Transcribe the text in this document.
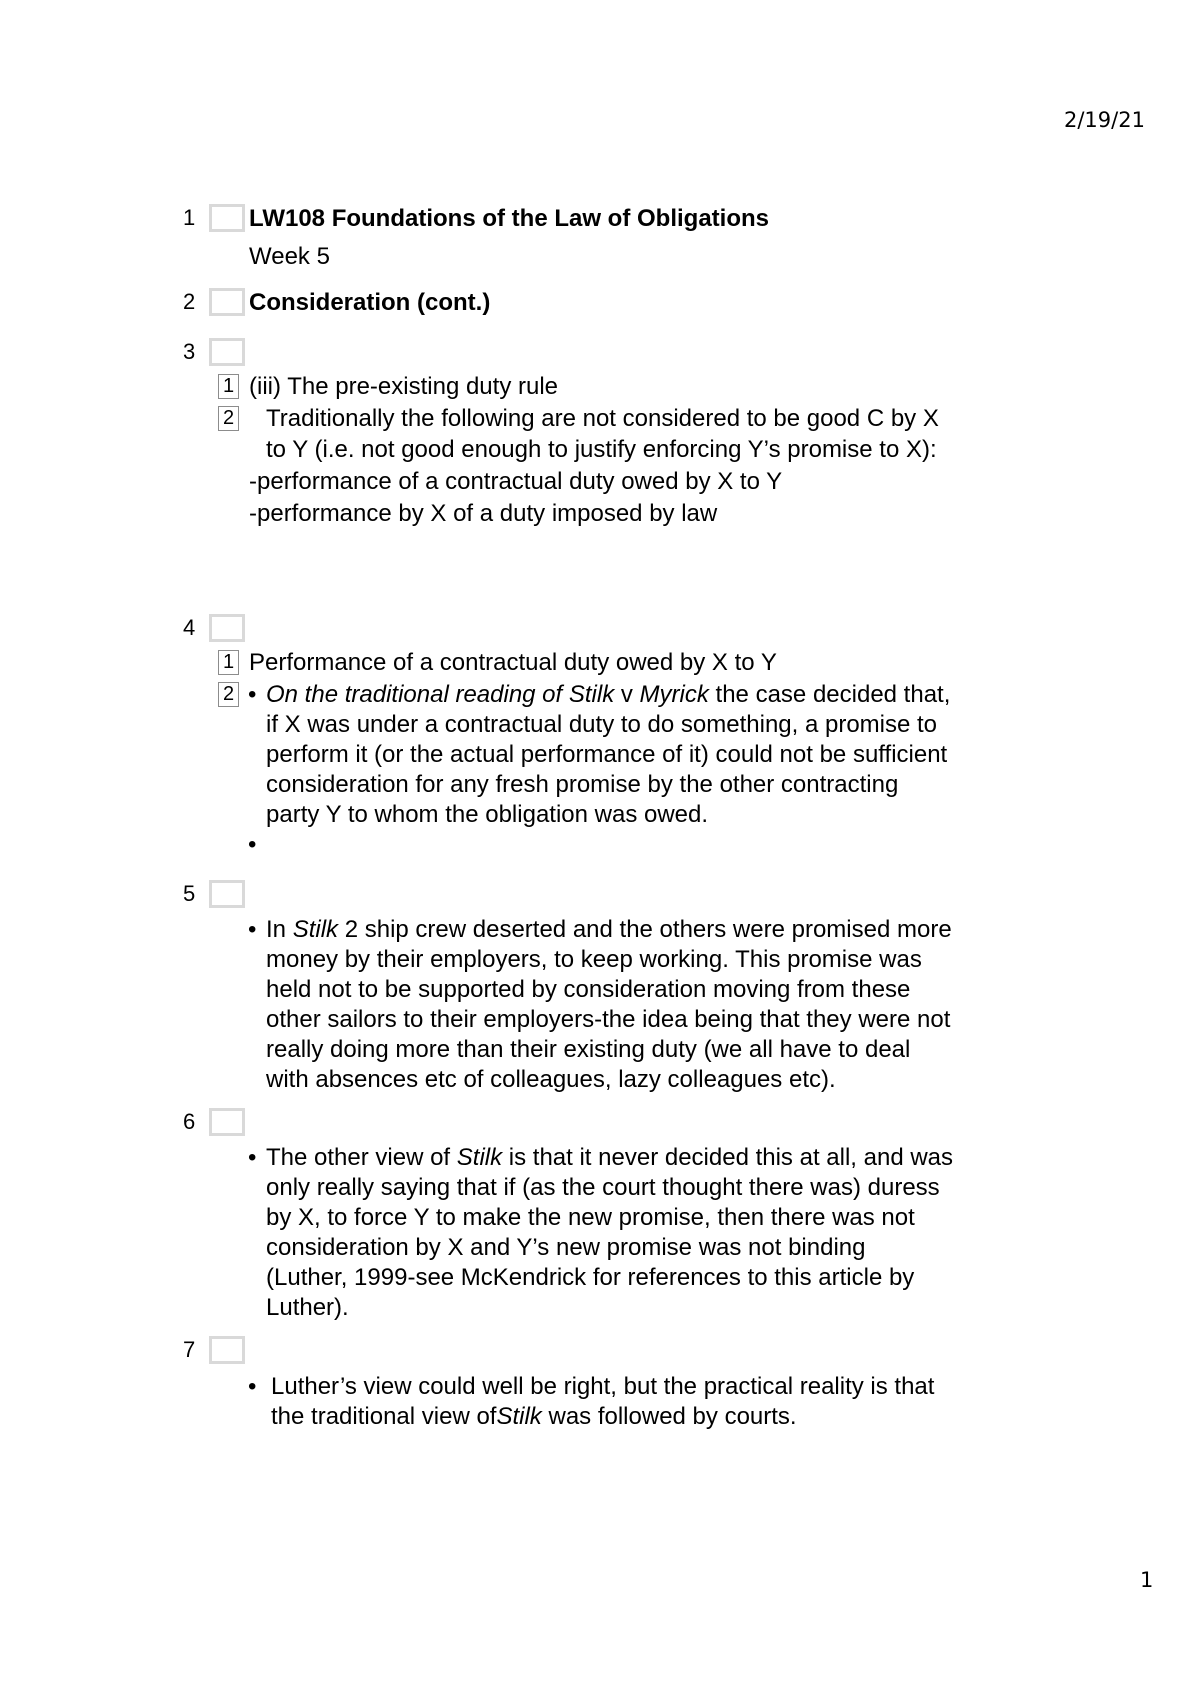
2/19/21
1	LW108 Foundations of the Law of Obligations
Week 5
2	Consideration (cont.)
3
1 (iii) The pre-existing duty rule
2 Traditionally the following are not considered to be good C by X
to Y (i.e. not good enough to justify enforcing Y’s promise to X):
-performance of a contractual duty owed by X to Y
-performance by X of a duty imposed by law
4
1 Performance of a contractual duty owed by X to Y
2 • On the traditional reading of Stilk v Myrick the case decided that,
if X was under a contractual duty to do something, a promise to
perform it (or the actual performance of it) could not be sufficient
consideration for any fresh promise by the other contracting
party Y to whom the obligation was owed.
•
5
• In Stilk 2 ship crew deserted and the others were promised more
money by their employers, to keep working. This promise was
held not to be supported by consideration moving from these
other sailors to their employers-the idea being that they were not
really doing more than their existing duty (we all have to deal
with absences etc of colleagues, lazy colleagues etc).
6
• The other view of Stilk is that it never decided this at all, and was
only really saying that if (as the court thought there was) duress
by X, to force Y to make the new promise, then there was not
consideration by X and Y’s new promise was not binding
(Luther, 1999-see McKendrick for references to this article by
Luther).
7
• Luther’s view could well be right, but the practical reality is that
the traditional view ofStilk was followed by courts.
1
